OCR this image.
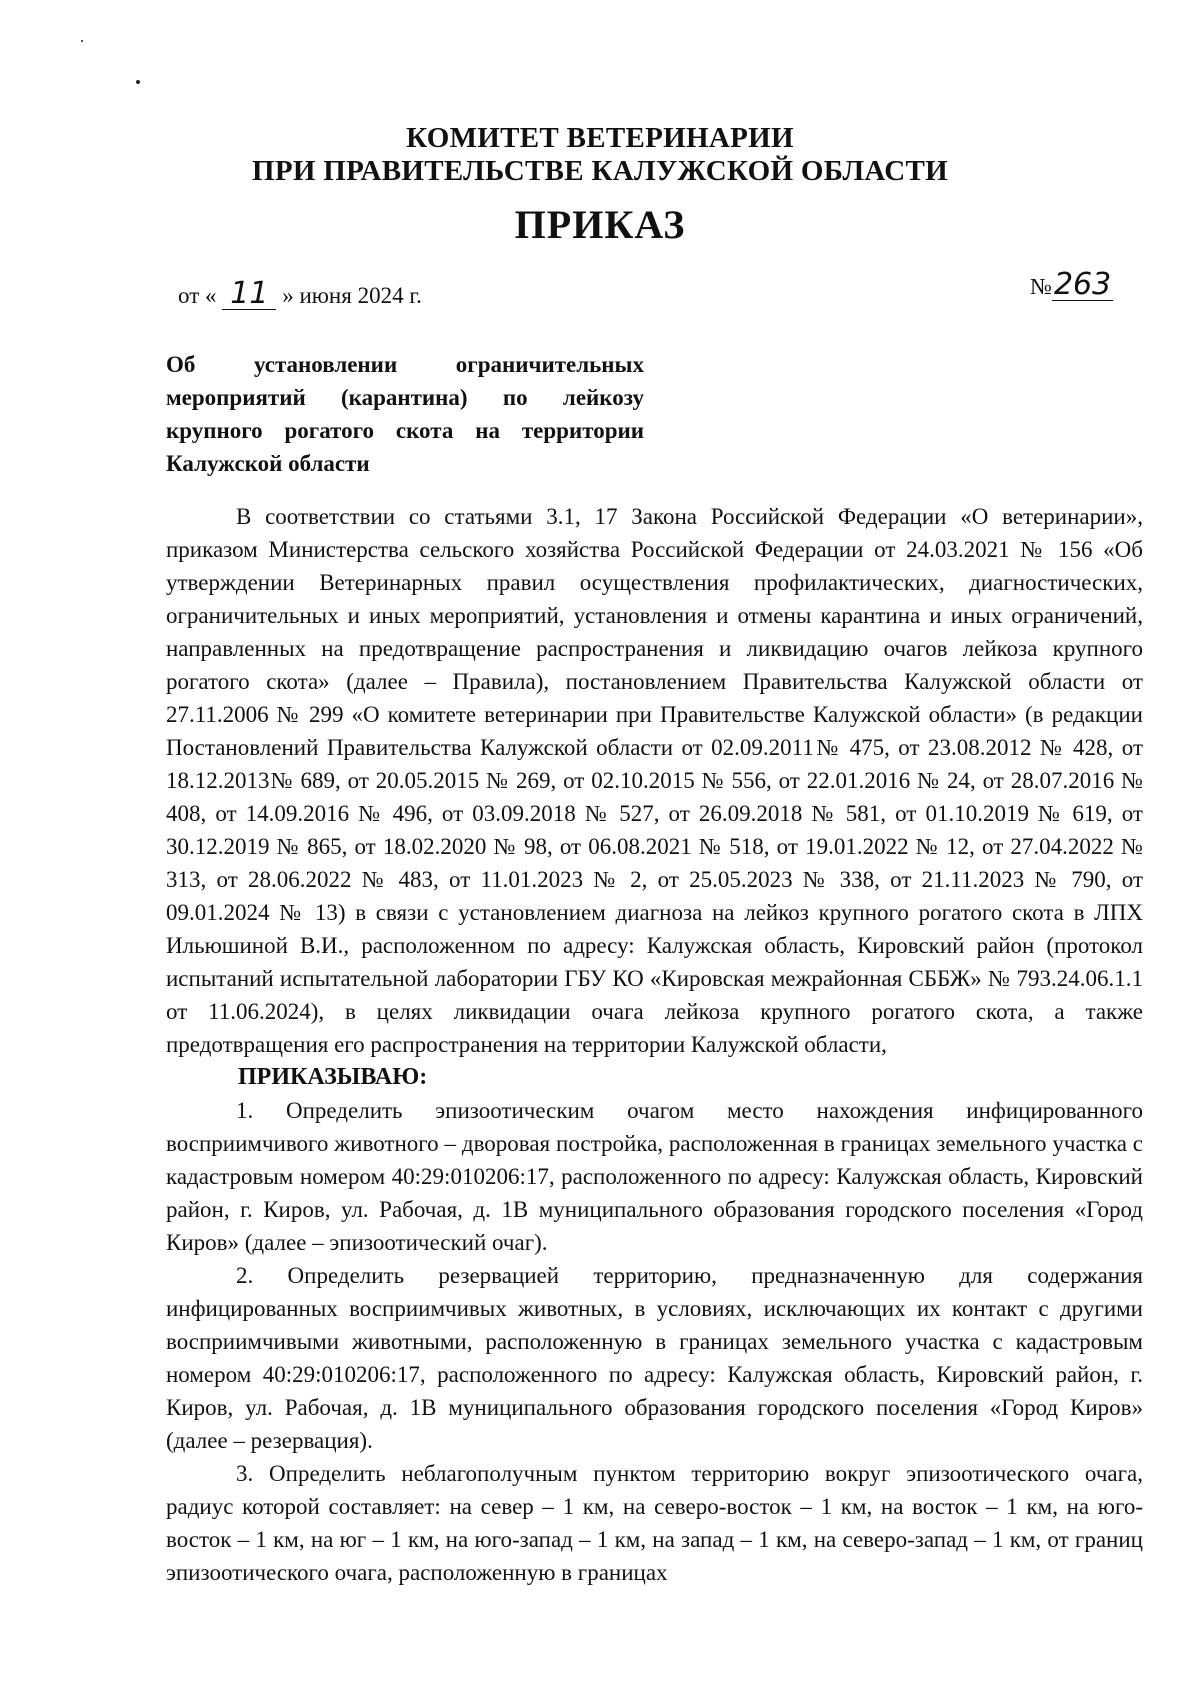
КОМИТЕТ ВЕТЕРИНАРИИ
ПРИ ПРАВИТЕЛЬСТВЕ КАЛУЖСКОЙ ОБЛАСТИ
ПРИКАЗ
от « 11 » июня 2024 г.	№263
Об установлении ограничительных
мероприятий (карантина) по лейкозу
крупного рогатого скота на территории
Калужской области

В соответствии со статьями 3.1, 17 Закона Российской Федерации «О ветеринарии», приказом Министерства сельского хозяйства Российской Федерации от 24.03.2021 № 156 «Об утверждении Ветеринарных правил осуществления профилактических, диагностических, ограничительных и иных мероприятий, установления и отмены карантина и иных ограничений, направленных на предотвращение распространения и ликвидацию очагов лейкоза крупного рогатого скота» (далее – Правила), постановлением Правительства Калужской области от 27.11.2006 № 299 «О комитете ветеринарии при Правительстве Калужской области» (в редакции Постановлений Правительства Калужской области от 02.09.2011№ 475, от 23.08.2012 № 428, от 18.12.2013№ 689, от 20.05.2015 № 269, от 02.10.2015 № 556, от 22.01.2016 № 24, от 28.07.2016 № 408, от 14.09.2016 № 496, от 03.09.2018 № 527, от 26.09.2018 № 581, от 01.10.2019 № 619, от 30.12.2019 № 865, от 18.02.2020 № 98, от 06.08.2021 № 518, от 19.01.2022 № 12, от 27.04.2022 № 313, от 28.06.2022 № 483, от 11.01.2023 № 2, от 25.05.2023 № 338, от 21.11.2023 № 790, от 09.01.2024 № 13) в связи с установлением диагноза на лейкоз крупного рогатого скота в ЛПХ Ильюшиной В.И., расположенном по адресу: Калужская область, Кировский район (протокол испытаний испытательной лаборатории ГБУ КО «Кировская межрайонная СББЖ» № 793.24.06.1.1 от 11.06.2024), в целях ликвидации очага лейкоза крупного рогатого скота, а также предотвращения его распространения на территории Калужской области,

ПРИКАЗЫВАЮ:

1. Определить эпизоотическим очагом место нахождения инфицированного восприимчивого животного – дворовая постройка, расположенная в границах земельного участка с кадастровым номером 40:29:010206:17, расположенного по адресу: Калужская область, Кировский район, г. Киров, ул. Рабочая, д. 1В муниципального образования городского поселения «Город Киров» (далее – эпизоотический очаг).

2. Определить резервацией территорию, предназначенную для содержания инфицированных восприимчивых животных, в условиях, исключающих их контакт с другими восприимчивыми животными, расположенную в границах земельного участка с кадастровым номером 40:29:010206:17, расположенного по адресу: Калужская область, Кировский район, г. Киров, ул. Рабочая, д. 1В муниципального образования городского поселения «Город Киров» (далее – резервация).

3. Определить неблагополучным пунктом территорию вокруг эпизоотического очага, радиус которой составляет: на север – 1 км, на северо-восток – 1 км, на восток – 1 км, на юго-восток – 1 км, на юг – 1 км, на юго-запад – 1 км, на запад – 1 км, на северо-запад – 1 км, от границ эпизоотического очага, расположенную в границах
